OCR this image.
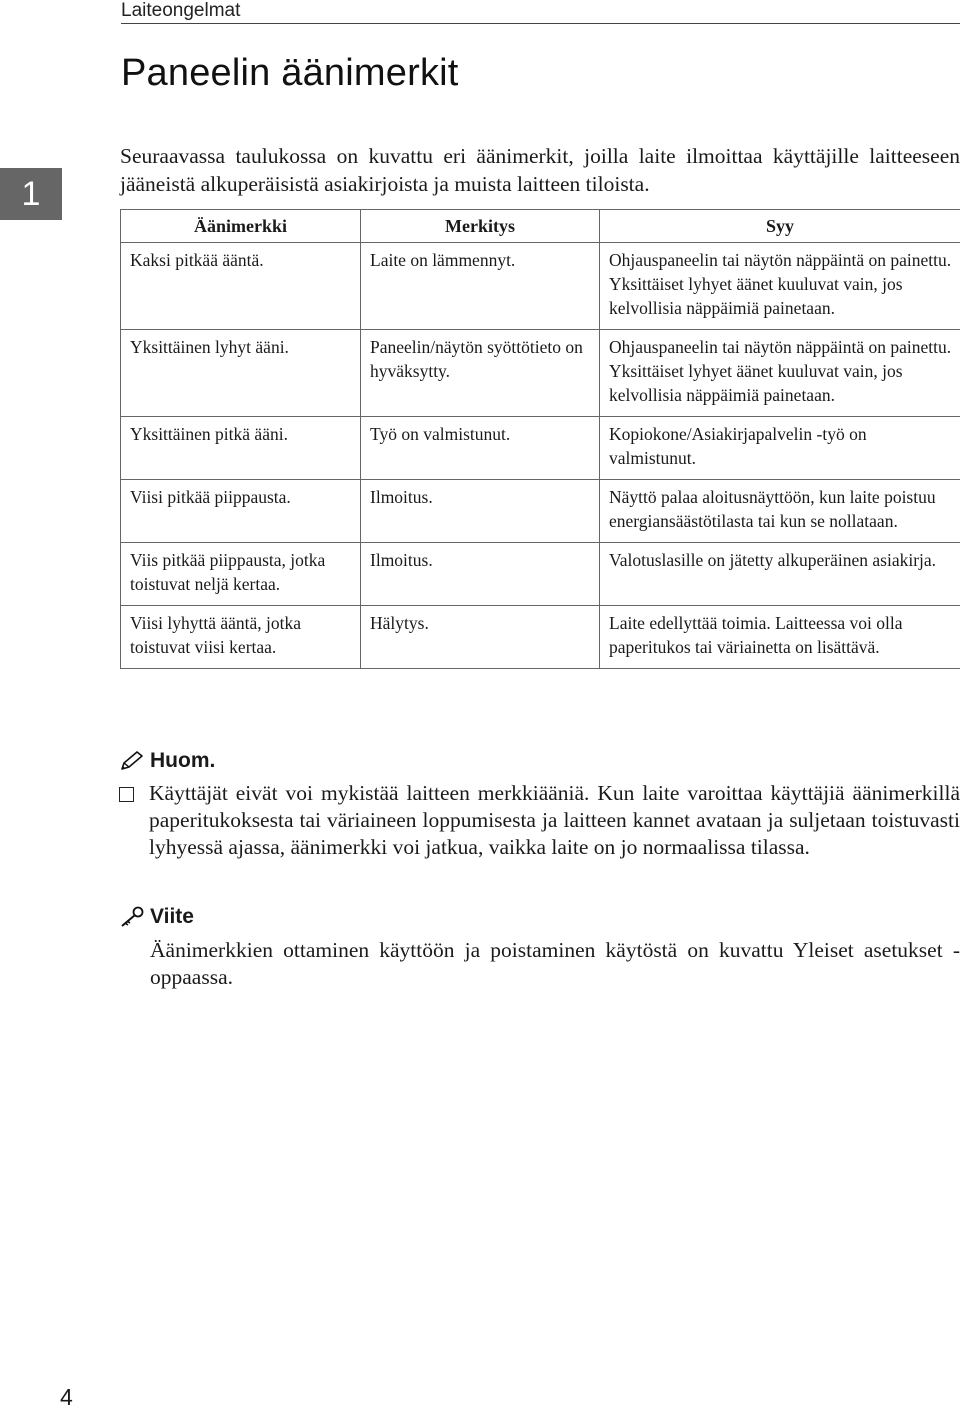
Laiteongelmat
1
Paneelin äänimerkit

Seuraavassa taulukossa on kuvattu eri äänimerkit, joilla laite ilmoittaa käyttäjille laitteeseen jääneistä alkuperäisistä asiakirjoista ja muista laitteen tiloista.

Äänimerkki	Merkitys	Syy
Kaksi pitkää ääntä.	Laite on lämmennyt.	Ohjauspaneelin tai näytön näppäintä on painettu. Yksittäiset lyhyet äänet kuuluvat vain, jos kelvollisia näppäimiä painetaan.
Yksittäinen lyhyt ääni.	Paneelin/näytön syöttötieto on hyväksytty.	Ohjauspaneelin tai näytön näppäintä on painettu. Yksittäiset lyhyet äänet kuuluvat vain, jos kelvollisia näppäimiä painetaan.
Yksittäinen pitkä ääni.	Työ on valmistunut.	Kopiokone/Asiakirjapalvelin -työ on valmistunut.
Viisi pitkää piippausta.	Ilmoitus.	Näyttö palaa aloitusnäyttöön, kun laite poistuu energiansäästötilasta tai kun se nollataan.
Viis pitkää piippausta, jotka toistuvat neljä kertaa.	Ilmoitus.	Valotuslasille on jätetty alkuperäinen asiakirja.
Viisi lyhyttä ääntä, jotka toistuvat viisi kertaa.	Hälytys.	Laite edellyttää toimia. Laitteessa voi olla paperitukos tai väriainetta on lisättävä.
Huom.

Käyttäjät eivät voi mykistää laitteen merkkiääniä. Kun laite varoittaa käyttäjiä äänimerkillä paperitukoksesta tai väriaineen loppumisesta ja laitteen kannet avataan ja suljetaan toistuvasti lyhyessä ajassa, äänimerkki voi jatkua, vaikka laite on jo normaalissa tilassa.

Viite

Äänimerkkien ottaminen käyttöön ja poistaminen käytöstä on kuvattu Yleiset asetukset -oppaassa.

4
